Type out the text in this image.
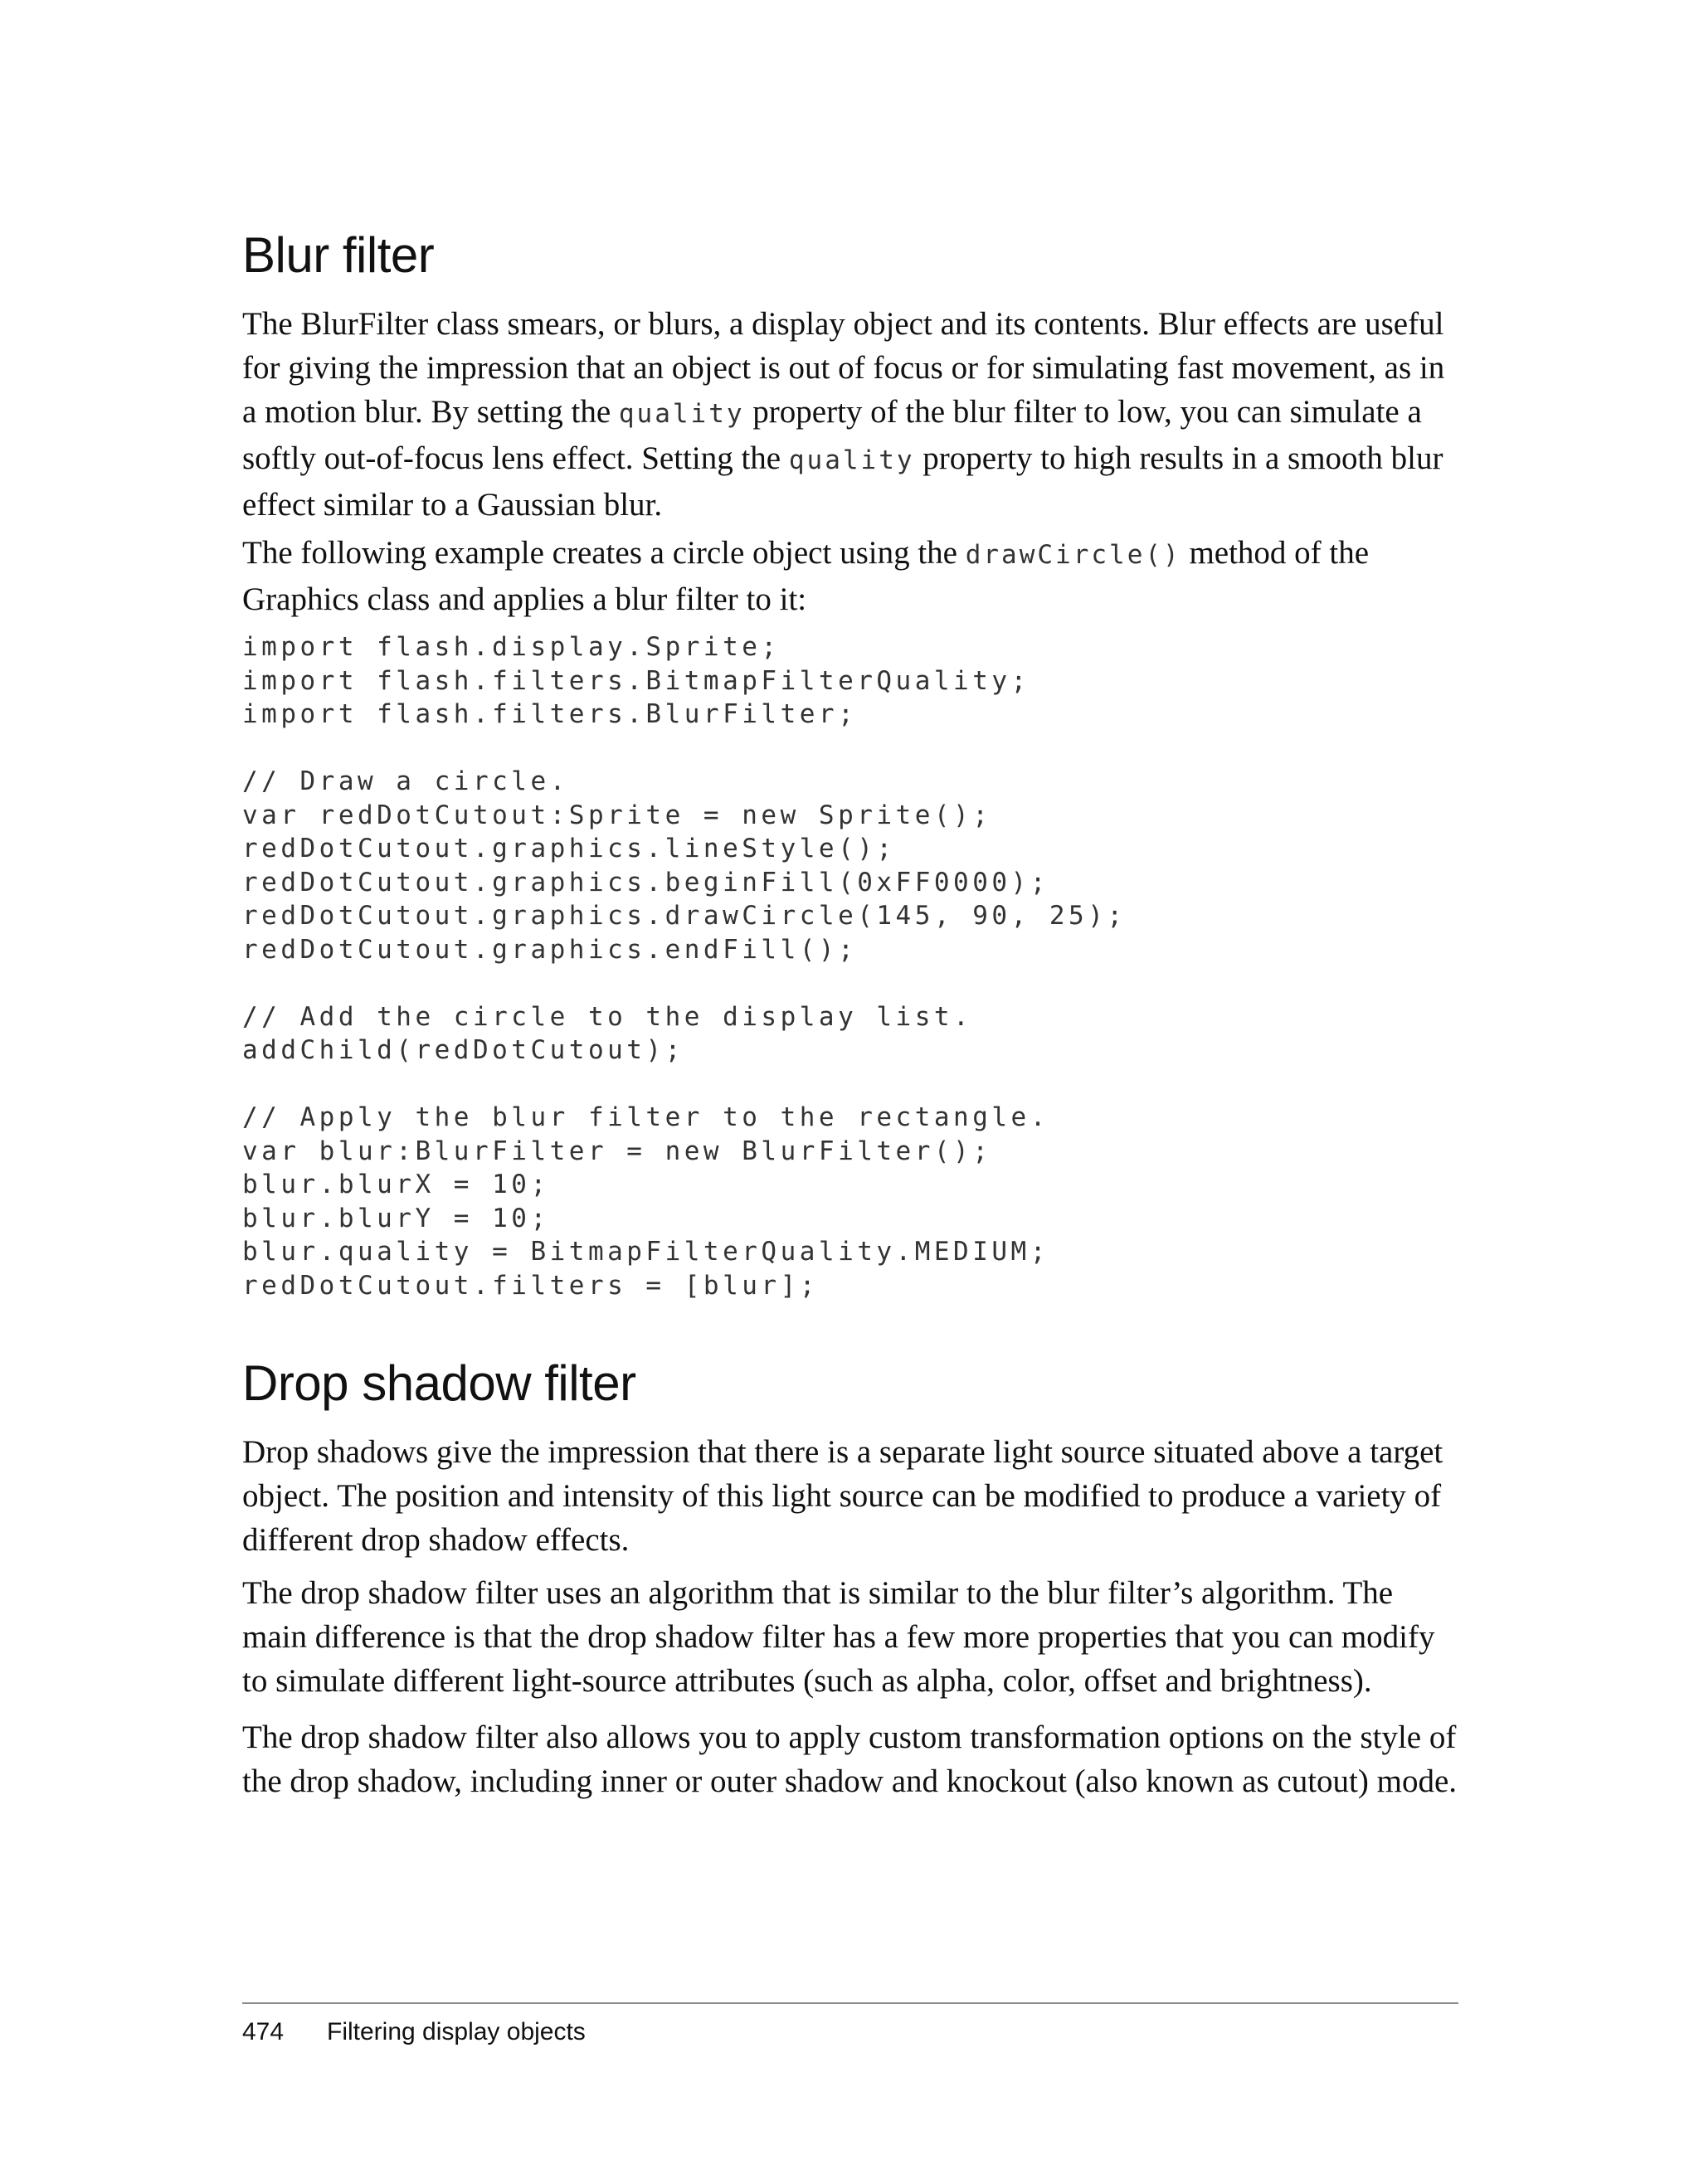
Blur filter

The BlurFilter class smears, or blurs, a display object and its contents. Blur effects are useful for giving the impression that an object is out of focus or for simulating fast movement, as in a motion blur. By setting the quality property of the blur filter to low, you can simulate a softly out-of-focus lens effect. Setting the quality property to high results in a smooth blur effect similar to a Gaussian blur.

The following example creates a circle object using the drawCircle() method of the Graphics class and applies a blur filter to it:

import flash.display.Sprite;
import flash.filters.BitmapFilterQuality;
import flash.filters.BlurFilter;
// Draw a circle.
var redDotCutout:Sprite = new Sprite();
redDotCutout.graphics.lineStyle();
redDotCutout.graphics.beginFill(0xFF0000);
redDotCutout.graphics.drawCircle(145, 90, 25);
redDotCutout.graphics.endFill();
// Add the circle to the display list.
addChild(redDotCutout);
// Apply the blur filter to the rectangle.
var blur:BlurFilter = new BlurFilter();
blur.blurX = 10;
blur.blurY = 10;
blur.quality = BitmapFilterQuality.MEDIUM;
redDotCutout.filters = [blur];
Drop shadow filter

Drop shadows give the impression that there is a separate light source situated above a target object. The position and intensity of this light source can be modified to produce a variety of different drop shadow effects.

The drop shadow filter uses an algorithm that is similar to the blur filter’s algorithm. The main difference is that the drop shadow filter has a few more properties that you can modify to simulate different light-source attributes (such as alpha, color, offset and brightness).

The drop shadow filter also allows you to apply custom transformation options on the style of the drop shadow, including inner or outer shadow and knockout (also known as cutout) mode.

474 Filtering display objects
